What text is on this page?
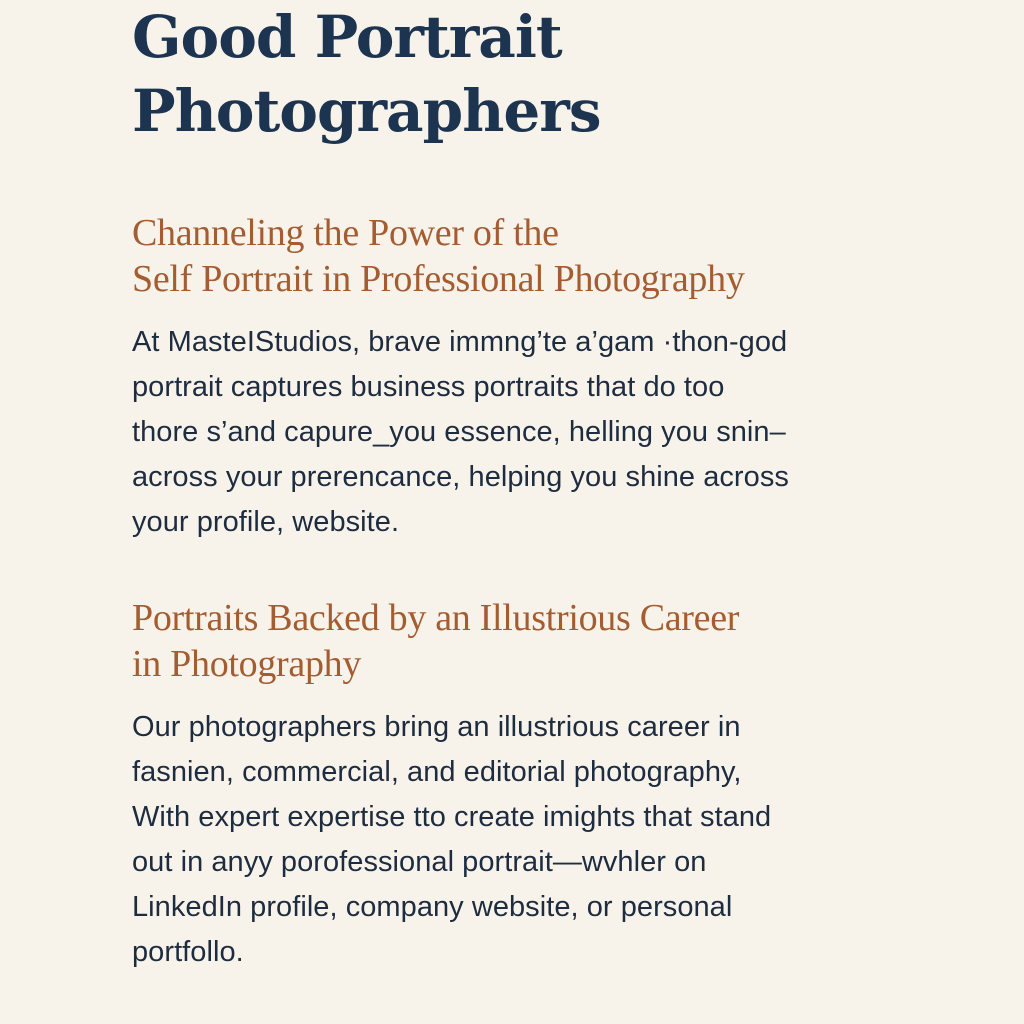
Good Portrait
Photographers
Channeling the Power of the
Self Portrait in Professional Photography

At MasteIStudios, brave immng’te a’gam ·thon-god
portrait captures business portraits that do too
thore s’and capure_you essence, helling you snin–
across your prerencance, helping you shine across
your profile, website.

Portraits Backed by an Illustrious Career
in Photography

Our photographers bring an illustrious career in
fasnien, commercial, and editorial photography,
With expert expertise tto create imights that stand
out in anyy porofessional portrait—wvhler on
LinkedIn profile, company website, or personal
portfollo.
